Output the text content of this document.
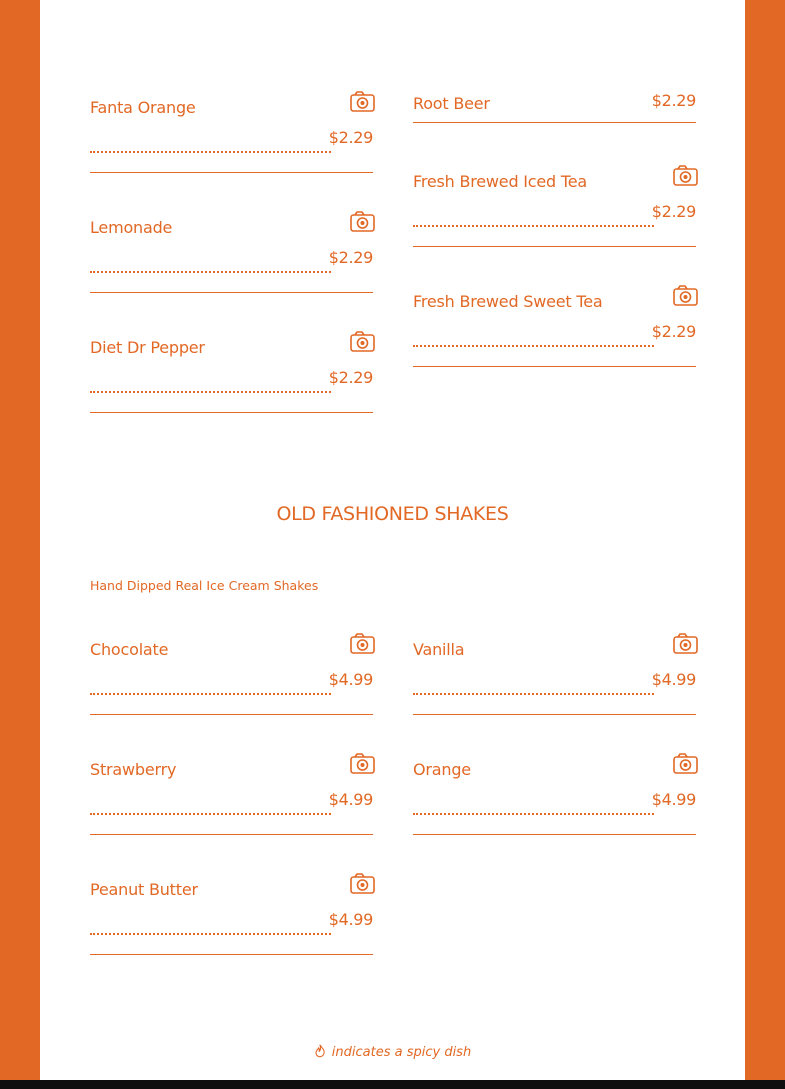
Fanta Orange
$2.29
Lemonade
$2.29
Diet Dr Pepper
$2.29
Root Beer	$2.29
Fresh Brewed Iced Tea
$2.29
Fresh Brewed Sweet Tea
$2.29
OLD FASHIONED SHAKES
Hand Dipped Real Ice Cream Shakes
Chocolate
$4.99
Strawberry
$4.99
Peanut Butter
$4.99
Vanilla
$4.99
Orange
$4.99
indicates a spicy dish
